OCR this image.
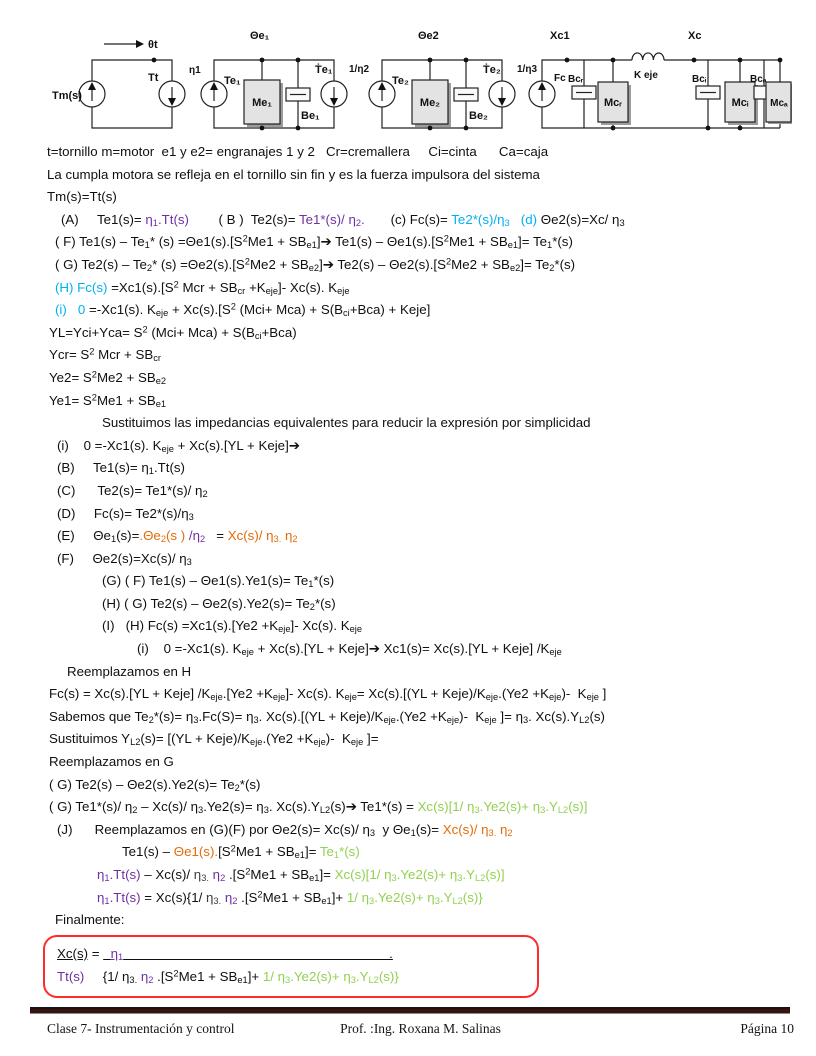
Tm(s)
θt
Tt
η1
Te₁
Θe₁
Me₁
Be₁
Ṫe₁ 1/η2
Te₂
Θe2
Me₂
Be₂
Ṫe₂ 1/η3
Fc
Xc1
Bcᵣ
Mcᵣ
K eje
Xc
Bcᵢ
Mcᵢ
Bcₐ
Mcₐ
t=tornillo m=motor  e1 y e2= engranajes 1 y 2   Cr=cremallera     Ci=cinta      Ca=caja
La cumpla motora se refleja en el tornillo sin fin y es la fuerza impulsora del sistema
Tm(s)=Tt(s)
(A)     $Te1(s)= \eta_1.Tt(s)$        ( B )  Te2(s)= Te1*(s)/ $\eta_2$.       (c) $Fc(s)= Te2*(s)/\eta_3$ (d) Θe2(s)=Xc/ $\eta_3$
( F) $Te1(s) - Te_1*$ $(s) =\Theta e1(s).[S^2Me1$ + $SB_{e1}]➔$ $Te1(s) - \Theta e1(s).[S^2Me1 + SB_{e1}]= Te_1*(s)$
( G) $Te2(s) - Te_2*$ $(s) =\Theta e2(s).[S^2Me2$ + $SB_{e2}]➔$ $Te2(s) - \Theta e2(s).[S^2Me2 + SB_{e2}]= Te_2*(s)$
(H) $Fc(s) =Xc1(s).[S^2$ Mcr + $SB_{cr} +K_{eje}]-$ Xc(s). $K_{eje}$
(i)   0 =-Xc1(s). $K_{eje} + Xc(s).[S^2$ $(Mci+ Mca) + S(B_{ci}+Bca)$ + Keje]
$YL=Yci+Yca= S^2$ $(Mci+ Mca) + S(B_{ci}+Bca)$
$Ycr= S^2$ Mcr + $SB_{cr}$
$Ye2= S^2Me2 + SB_{e2}$
$Ye1= S^2Me1 + SB_{e1}$
Sustituimos las impedancias equivalentes para reducir la expresión por simplicidad
(i)    0 =-Xc1(s). $K_{eje} + Xc(s).[YL$ + Keje]➔
(B)     $Te1(s)= \eta_1.Tt(s)$
(C)      Te2(s)= Te1*(s)/ $\eta_2$
(D)     $Fc(s)= Te2*(s)/\eta_3$
(E)     $\Theta e_1(s)=.\Theta e_2(s$ ) $/\eta_2 = Xc(s)/$ $\eta_{3.}$ $\eta_2$
(F)     Θe2(s)=Xc(s)/ $\eta_3$
(G) ( F) $Te1(s) - \Theta e1(s).Ye1(s)= Te_1*(s)$
(H) ( G) $Te2(s) - \Theta e2(s).Ye2(s)= Te_2*(s)$
(I)   (H) $Fc(s) =Xc1(s).[Ye2 +K_{eje}]-$ Xc(s). $K_{eje}$
(i)    0 =-Xc1(s). $K_{eje} + Xc(s).[YL$ + Keje]➔ Xc1(s)= Xc(s).[YL + Keje] $/K_{eje}$
Reemplazamos en H
Fc(s) = Xc(s).[YL + Keje] $/K_{eje}.[Ye2 +K_{eje}]-$ Xc(s). $K_{eje}= Xc(s).[(YL$ + $Keje)/K_{eje}.(Ye2 +K_{eje})-$  $K_{eje}$ ]
Sabemos que $Te_2*(s)= \eta_3.Fc(S)= \eta_3$. $Xc(s).[(YL + Keje)/K_{eje}.(Ye2 +K_{eje})-$  $K_{eje}$ ]= $\eta_3$. $Xc(s).Y_{L2}(s)$
Sustituimos $Y_{L2}(s)= [(YL$ + $Keje)/K_{eje}.(Ye2 +K_{eje})-$  $K_{eje}$ ]=
Reemplazamos en G
( G) $Te2(s) - \Theta e2(s).Ye2(s)= Te_2*(s)$
( G) Te1*(s)/ $\eta_2 - Xc(s)/$ $\eta_3.Ye2(s)= \eta_3$. $Xc(s).Y_{L2}(s)➔$ Te1*(s) = Xc(s)[1/ $\eta_3.Ye2(s)+ \eta_3.Y_{L2}(s)$]
(J)      Reemplazamos en (G)(F) por Θe2(s)= Xc(s)/ $\eta_3$  y $\Theta e_1(s)= Xc(s)/$ $\eta_{3.}$ $\eta_2$
$Te1(s) - \Theta e1(s).[S^2Me1 + SB_{e1}]= Te_1*(s)$
$\eta_1.Tt(s) - Xc(s)/$ $\eta_{3.}$ $\eta_2$ $.[S^2Me1 + SB_{e1}]= Xc(s)[1/$ $\eta_3.Ye2(s)+ \eta_3.Y_{L2}(s)$]
$\eta_1.Tt(s) = Xc(s)\{1/$ $\eta_{3.}$ $\eta_2$ $.[S^2Me1 + SB_{e1}]+ 1/$ $\eta_3.Ye2(s)+ \eta_3.Y_{L2}(s)$}
Finalmente:
$Xc(s) = \eta_1$                                                                        .
Tt(s)     {1/ $\eta_{3.}$ $\eta_2$ $.[S^2Me1 + SB_{e1}]+ 1/$ $\eta_3.Ye2(s)+ \eta_3.Y_{L2}(s)$}
Clase 7- Instrumentación y control	Prof. :Ing. Roxana M. Salinas	Página 10
